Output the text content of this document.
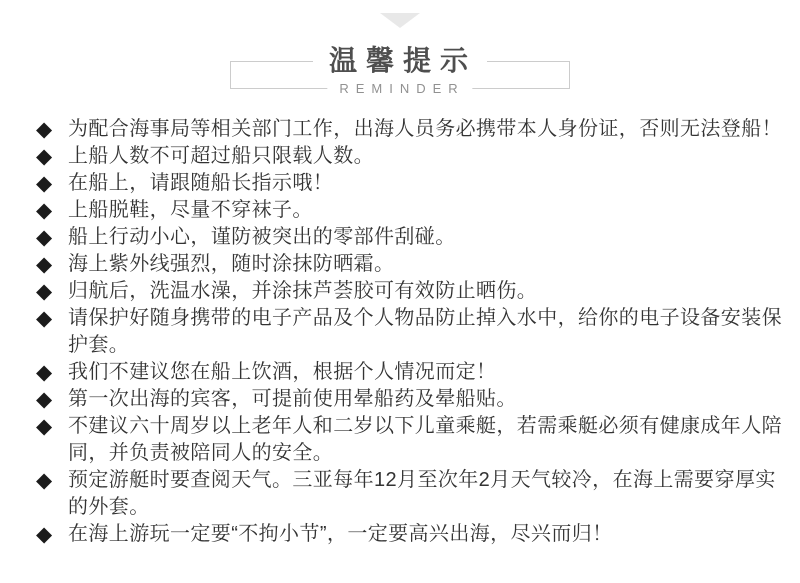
温馨提示
REMINDER
◆ 为配合海事局等相关部门工作，出海人员务必携带本人身份证，否则无法登船！
◆ 上船人数不可超过船只限载人数。
◆ 在船上，请跟随船长指示哦！
◆ 上船脱鞋，尽量不穿袜子。
◆ 船上行动小心，谨防被突出的零部件刮碰。
◆ 海上紫外线强烈，随时涂抹防晒霜。
◆ 归航后，洗温水澡，并涂抹芦荟胶可有效防止晒伤。
◆ 请保护好随身携带的电子产品及个人物品防止掉入水中，给你的电子设备安装保
护套。
◆ 我们不建议您在船上饮酒，根据个人情况而定！
◆ 第一次出海的宾客，可提前使用晕船药及晕船贴。
◆ 不建议六十周岁以上老年人和二岁以下儿童乘艇，若需乘艇必须有健康成年人陪
同，并负责被陪同人的安全。
◆ 预定游艇时要查阅天气。三亚每年12月至次年2月天气较冷，在海上需要穿厚实
的外套。
◆ 在海上游玩一定要“不拘小节”，一定要高兴出海，尽兴而归！
